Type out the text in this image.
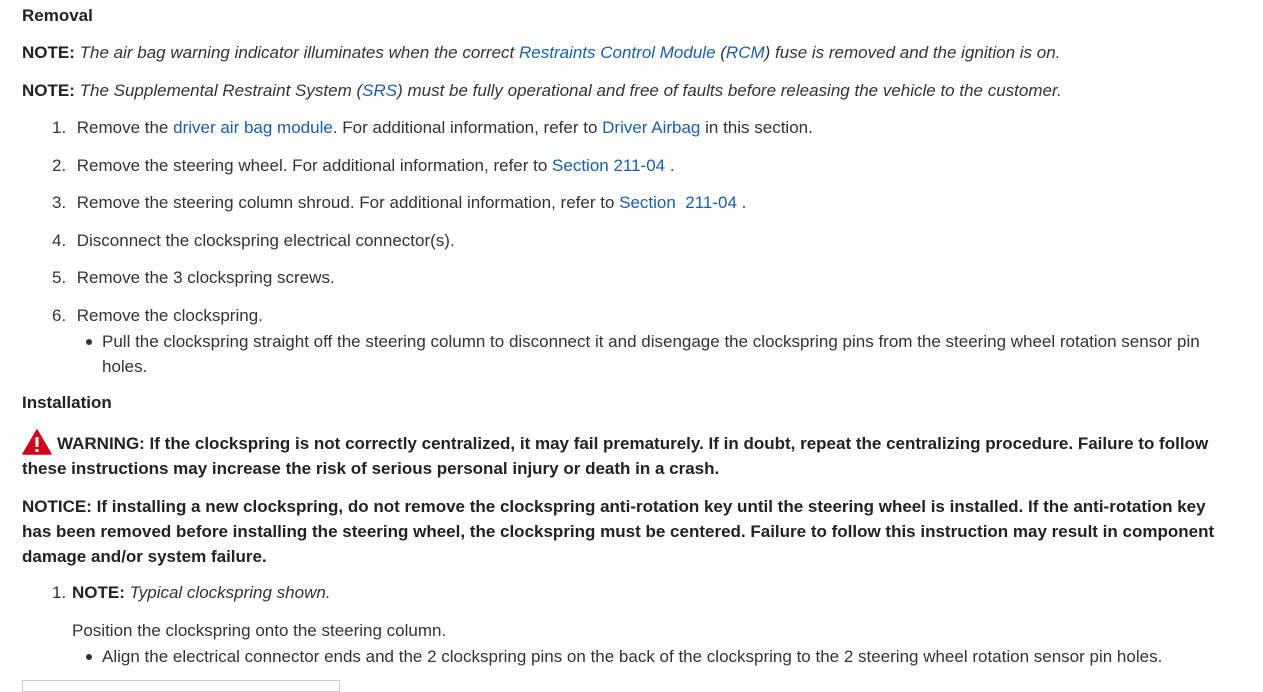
Removal
NOTE: The air bag warning indicator illuminates when the correct Restraints Control Module (RCM) fuse is removed and the ignition is on.
NOTE: The Supplemental Restraint System (SRS) must be fully operational and free of faults before releasing the vehicle to the customer.
1. Remove the driver air bag module. For additional information, refer to Driver Airbag in this section.
2. Remove the steering wheel. For additional information, refer to Section 211-04 .
3. Remove the steering column shroud. For additional information, refer to Section  211-04 .
4. Disconnect the clockspring electrical connector(s).
5. Remove the 3 clockspring screws.
6. Remove the clockspring.
Pull the clockspring straight off the steering column to disconnect it and disengage the clockspring pins from the steering wheel rotation sensor pin holes.
Installation
WARNING: If the clockspring is not correctly centralized, it may fail prematurely. If in doubt, repeat the centralizing procedure. Failure to follow these instructions may increase the risk of serious personal injury or death in a crash.
NOTICE: If installing a new clockspring, do not remove the clockspring anti-rotation key until the steering wheel is installed. If the anti-rotation key has been removed before installing the steering wheel, the clockspring must be centered. Failure to follow this instruction may result in component damage and/or system failure.
1. NOTE: Typical clockspring shown.
Position the clockspring onto the steering column.
Align the electrical connector ends and the 2 clockspring pins on the back of the clockspring to the 2 steering wheel rotation sensor pin holes.
